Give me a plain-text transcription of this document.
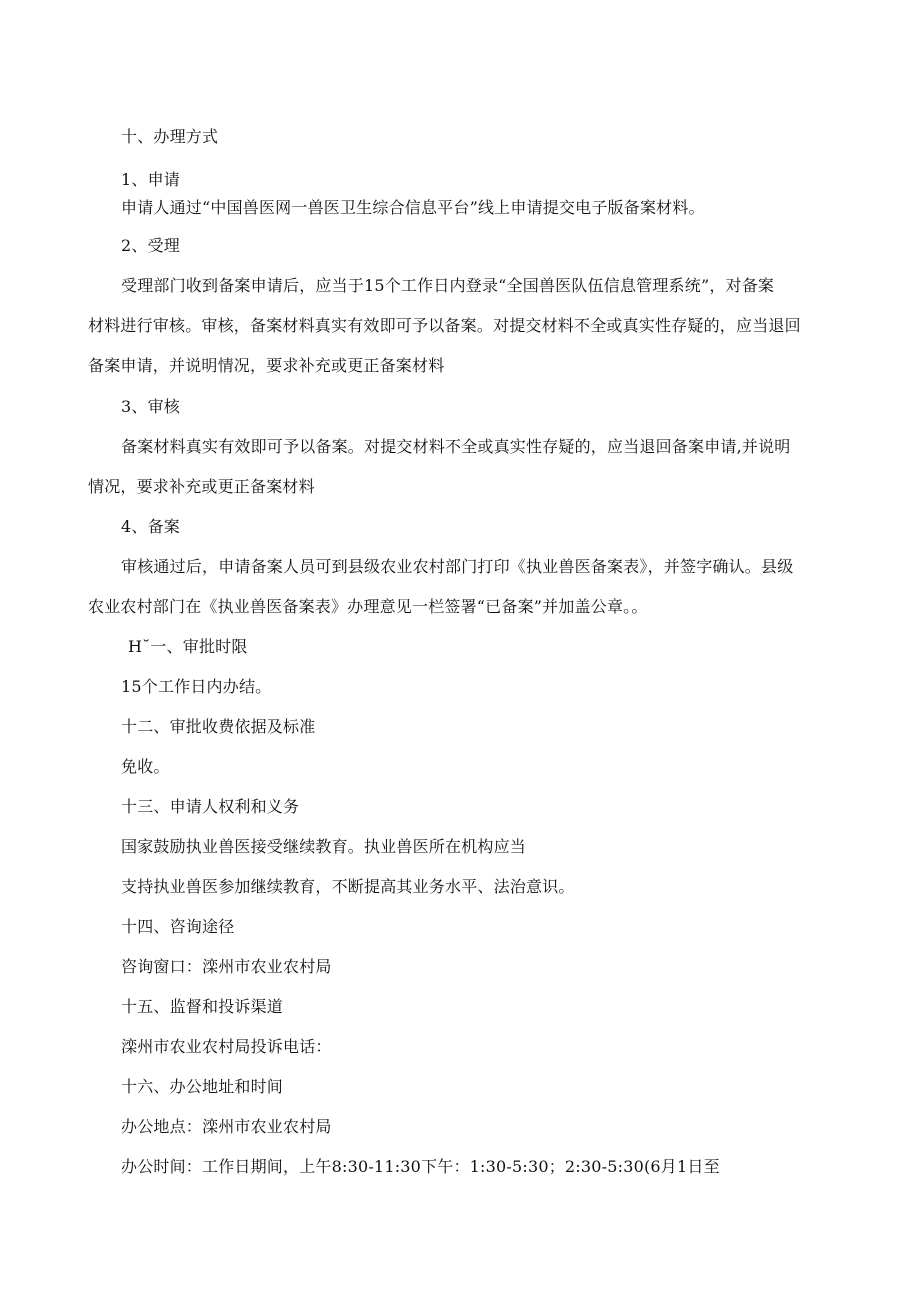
十、办理方式
1、申请
申请人通过“中国兽医网一兽医卫生综合信息平台”线上申请提交电子版备案材料。
2、受理
受理部门收到备案申请后，应当于15个工作日内登录“全国兽医队伍信息管理系统”，对备案
材料进行审核。审核，备案材料真实有效即可予以备案。对提交材料不全或真实性存疑的，应当退回
备案申请，并说明情况，要求补充或更正备案材料
3、审核
备案材料真实有效即可予以备案。对提交材料不全或真实性存疑的，应当退回备案申请,并说明
情况，要求补充或更正备案材料
4、备案
审核通过后，申请备案人员可到县级农业农村部门打印《执业兽医备案表》，并签字确认。县级
农业农村部门在《执业兽医备案表》办理意见一栏签署“已备案”并加盖公章。。
H˘一、审批时限
15个工作日内办结。
十二、审批收费依据及标准
免收。
十三、申请人权利和义务
国家鼓励执业兽医接受继续教育。执业兽医所在机构应当
支持执业兽医参加继续教育，不断提高其业务水平、法治意识。
十四、咨询途径
咨询窗口：滦州市农业农村局
十五、监督和投诉渠道
滦州市农业农村局投诉电话：
十六、办公地址和时间
办公地点：滦州市农业农村局
办公时间：工作日期间，上午8:30-11:30下午：1:30-5:30；2:30-5:30(6月1日至
